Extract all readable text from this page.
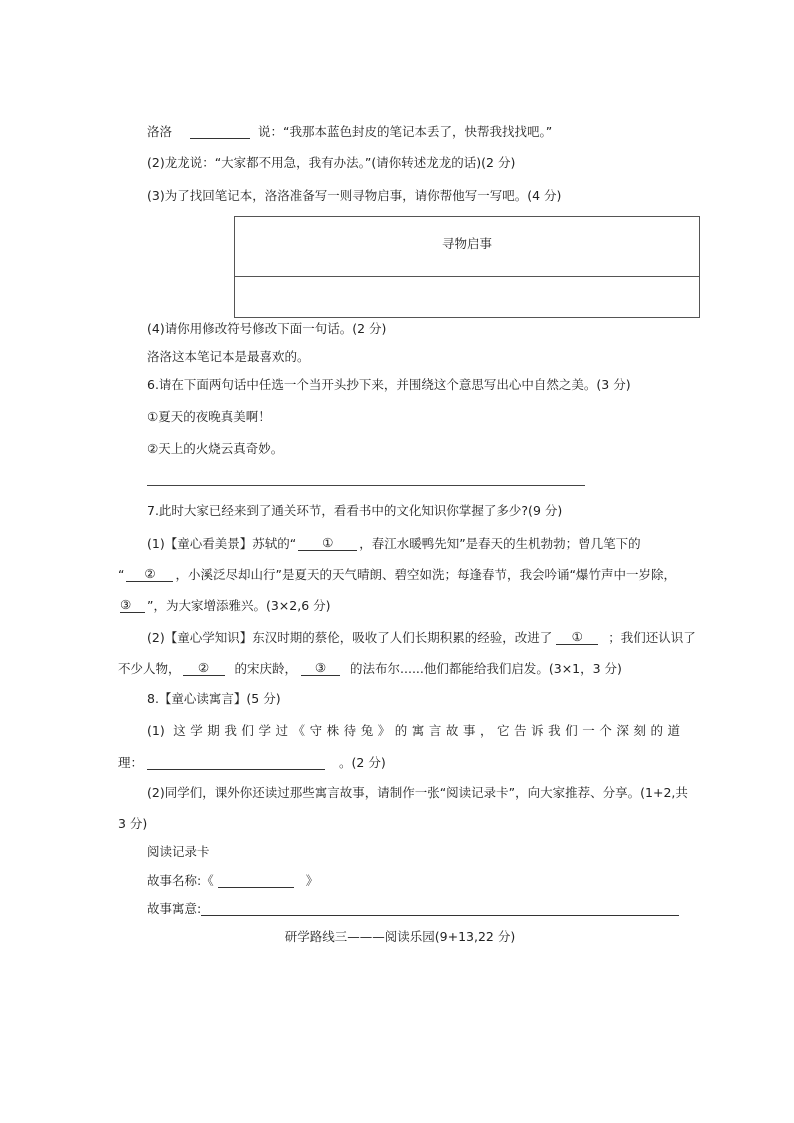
洛洛	说：“我那本蓝色封皮的笔记本丢了，快帮我找找吧。”
(2)龙龙说：“大家都不用急，我有办法。”(请你转述龙龙的话)(2 分)
(3)为了找回笔记本，洛洛准备写一则寻物启事，请你帮他写一写吧。(4 分)
寻物启事
(4)请你用修改符号修改下面一句话。(2 分)
洛洛这本笔记本是最喜欢的。
6.请在下面两句话中任选一个当开头抄下来，并围绕这个意思写出心中自然之美。(3 分)
①夏天的夜晚真美啊！
②天上的火烧云真奇妙。
7.此时大家已经来到了通关环节，看看书中的文化知识你掌握了多少?(9 分)
(1)【童心看美景】苏轼的“ ① ，春江水暖鸭先知”是春天的生机勃勃；曾几笔下的
“ ② ，小溪泛尽却山行”是夏天的天气晴朗、碧空如洗；每逢春节，我会吟诵“爆竹声中一岁除，
③ ”，为大家增添雅兴。(3×2,6 分)
(2)【童心学知识】东汉时期的蔡伦，吸收了人们长期积累的经验，改进了 ① ；我们还认识了
不少人物， ② 的宋庆龄， ③ 的法布尔......他们都能给我们启发。(3×1，3 分)
8.【童心读寓言】(5 分)
(1) 这学期我们学过《守株待兔》的寓言故事，它告诉我们一个深刻的道
理：	。(2 分)
(2)同学们，课外你还读过那些寓言故事，请制作一张“阅读记录卡”，向大家推荐、分享。(1+2,共
3 分)
阅读记录卡
故事名称:《	》
故事寓意:
研学路线三———阅读乐园(9+13,22 分)
